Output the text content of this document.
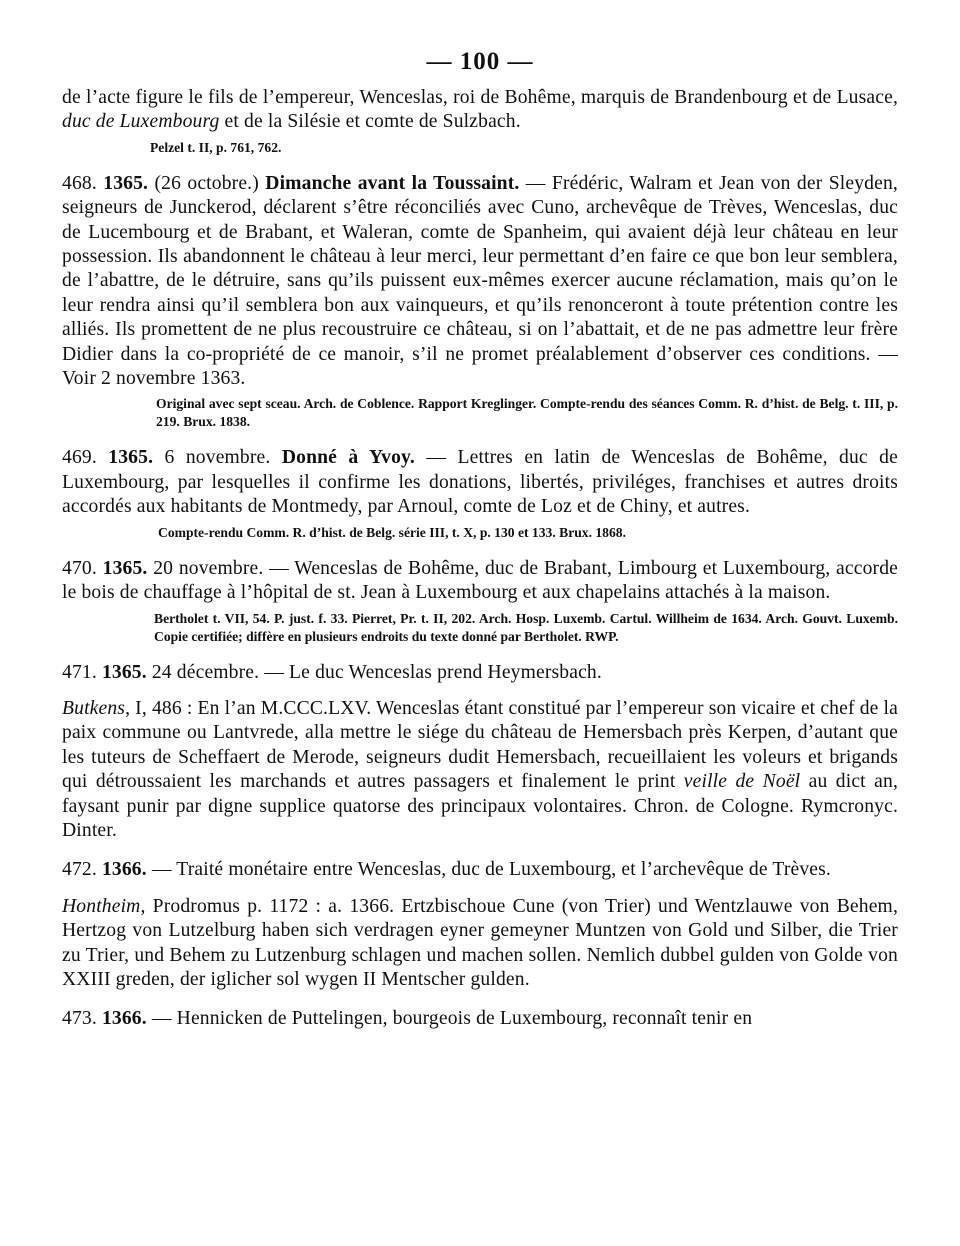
— 100 —

de l’acte figure le fils de l’empereur, Wenceslas, roi de Bohême, marquis de Brandenbourg et de Lusace, duc de Luxembourg et de la Silésie et comte de Sulzbach.

Pelzel t. II, p. 761, 762.

468. 1365. (26 octobre.) Dimanche avant la Toussaint. — Frédéric, Walram et Jean von der Sleyden, seigneurs de Junckerod, déclarent s’être réconciliés avec Cuno, archevêque de Trèves, Wenceslas, duc de Lucembourg et de Brabant, et Waleran, comte de Spanheim, qui avaient déjà leur château en leur possession. Ils abandonnent le château à leur merci, leur permettant d’en faire ce que bon leur semblera, de l’abattre, de le détruire, sans qu’ils puissent eux-mêmes exercer aucune réclamation, mais qu’on le leur rendra ainsi qu’il semblera bon aux vainqueurs, et qu’ils renonceront à toute prétention contre les alliés. Ils promettent de ne plus recoustruire ce château, si on l’abattait, et de ne pas admettre leur frère Didier dans la co-propriété de ce manoir, s’il ne promet préalablement d’observer ces conditions. — Voir 2 novembre 1363.

Original avec sept sceau. Arch. de Coblence. Rapport Kreglinger. Compte-rendu des séances Comm. R. d’hist. de Belg. t. III, p. 219. Brux. 1838.

469. 1365. 6 novembre. Donné à Yvoy. — Lettres en latin de Wenceslas de Bohême, duc de Luxembourg, par lesquelles il confirme les donations, libertés, priviléges, franchises et autres droits accordés aux habitants de Montmedy, par Arnoul, comte de Loz et de Chiny, et autres.

Compte-rendu Comm. R. d’hist. de Belg. série III, t. X, p. 130 et 133. Brux. 1868.

470. 1365. 20 novembre. — Wenceslas de Bohême, duc de Brabant, Limbourg et Luxembourg, accorde le bois de chauffage à l’hôpital de st. Jean à Luxembourg et aux chapelains attachés à la maison.

Bertholet t. VII, 54. P. just. f. 33. Pierret, Pr. t. II, 202. Arch. Hosp. Luxemb. Cartul. Willheim de 1634. Arch. Gouvt. Luxemb. Copie certifiée; diffère en plusieurs endroits du texte donné par Bertholet. RWP.

471. 1365. 24 décembre. — Le duc Wenceslas prend Heymersbach.

Butkens, I, 486 : En l’an M.CCC.LXV. Wenceslas étant constitué par l’empereur son vicaire et chef de la paix commune ou Lantvrede, alla mettre le siége du château de Hemersbach près Kerpen, d’autant que les tuteurs de Scheffaert de Merode, seigneurs dudit Hemersbach, recueillaient les voleurs et brigands qui détroussaient les marchands et autres passagers et finalement le print veille de Noël au dict an, faysant punir par digne supplice quatorse des principaux volontaires. Chron. de Cologne. Rymcronyc. Dinter.

472. 1366. — Traité monétaire entre Wenceslas, duc de Luxembourg, et l’archevêque de Trèves.

Hontheim, Prodromus p. 1172 : a. 1366. Ertzbischoue Cune (von Trier) und Wentzlauwe von Behem, Hertzog von Lutzelburg haben sich verdragen eyner gemeyner Muntzen von Gold und Silber, die Trier zu Trier, und Behem zu Lutzenburg schlagen und machen sollen. Nemlich dubbel gulden von Golde von XXIII greden, der iglicher sol wygen II Mentscher gulden.

473. 1366. — Hennicken de Puttelingen, bourgeois de Luxembourg, reconnaît tenir en
